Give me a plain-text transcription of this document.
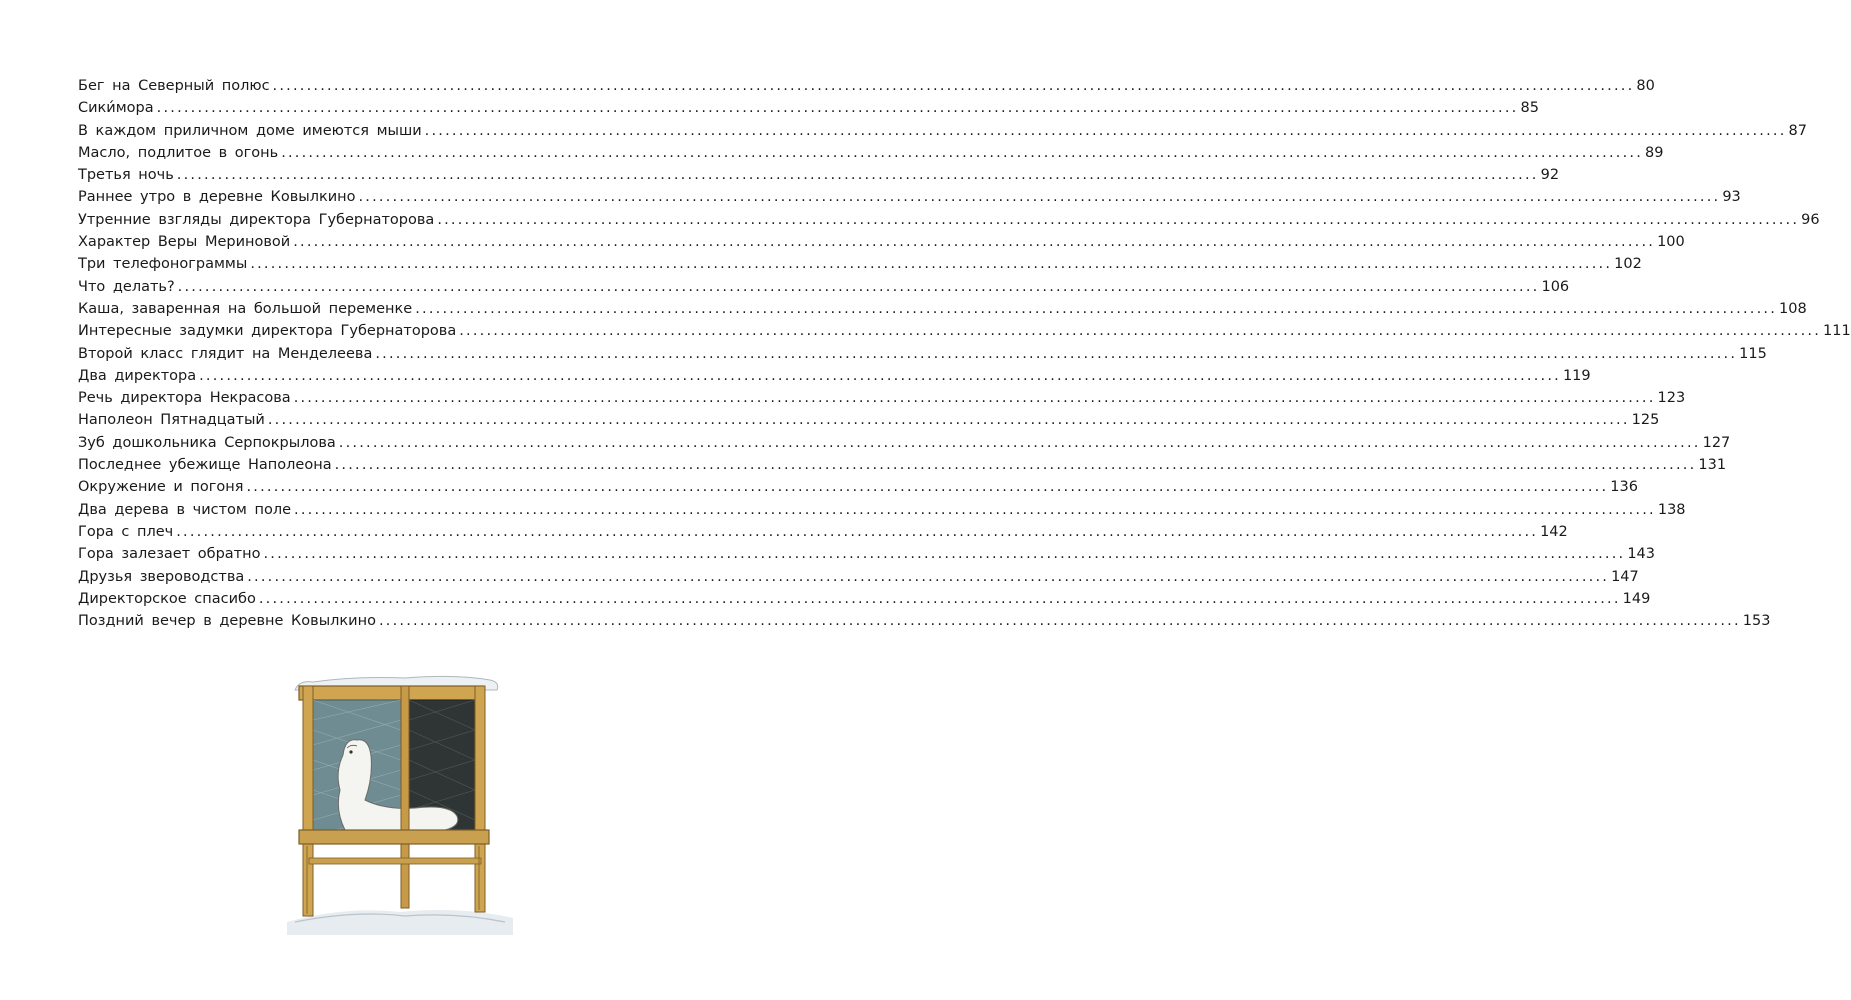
Бег на Северный полюс ........................................................................................................................................................................................................ 80
Сики́мора ........................................................................................................................................................................................................ 85
В каждом приличном доме имеются мыши ........................................................................................................................................................................................................ 87
Масло, подлитое в огонь ........................................................................................................................................................................................................ 89
Третья ночь ........................................................................................................................................................................................................ 92
Раннее утро в деревне Ковылкино ........................................................................................................................................................................................................ 93
Утренние взгляды директора Губернаторова ........................................................................................................................................................................................................ 96
Характер Веры Мериновой ........................................................................................................................................................................................................ 100
Три телефонограммы ........................................................................................................................................................................................................ 102
Что делать? ........................................................................................................................................................................................................ 106
Каша, заваренная на большой переменке ........................................................................................................................................................................................................ 108
Интересные задумки директора Губернаторова ........................................................................................................................................................................................................ 111
Второй класс глядит на Менделеева ........................................................................................................................................................................................................ 115
Два директора ........................................................................................................................................................................................................ 119
Речь директора Некрасова ........................................................................................................................................................................................................ 123
Наполеон Пятнадцатый ........................................................................................................................................................................................................ 125
Зуб дошкольника Серпокрылова ........................................................................................................................................................................................................ 127
Последнее убежище Наполеона ........................................................................................................................................................................................................ 131
Окружение и погоня ........................................................................................................................................................................................................ 136
Два дерева в чистом поле ........................................................................................................................................................................................................ 138
Гора с плеч ........................................................................................................................................................................................................ 142
Гора залезает обратно ........................................................................................................................................................................................................ 143
Друзья звероводства ........................................................................................................................................................................................................ 147
Директорское спасибо ........................................................................................................................................................................................................ 149
Поздний вечер в деревне Ковылкино ........................................................................................................................................................................................................ 153
